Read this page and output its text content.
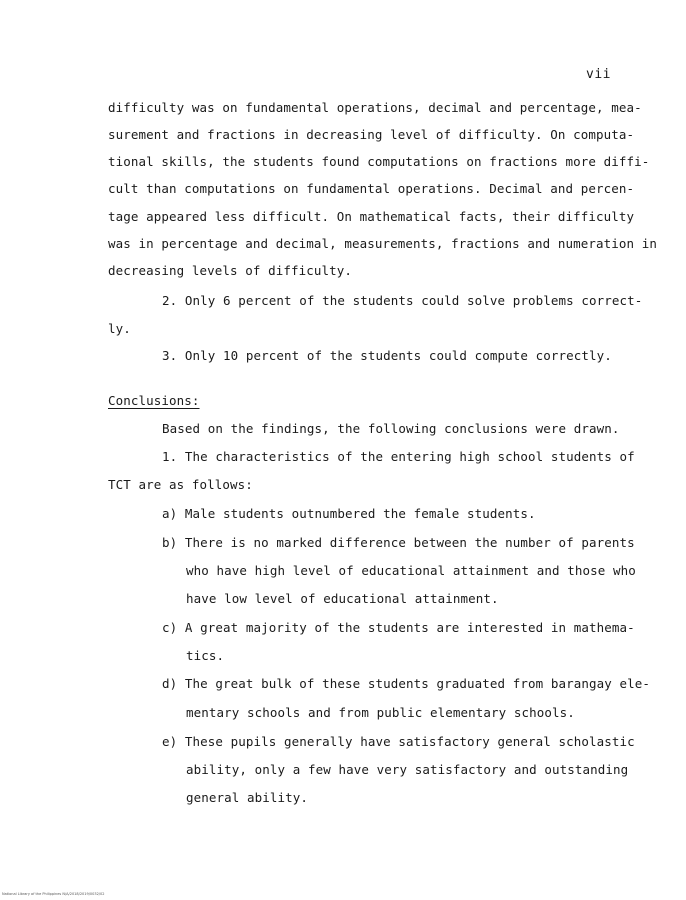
vii
difficulty was on fundamental operations, decimal and percentage, mea-
surement and fractions in decreasing level of difficulty. On computa-
tional skills, the students found computations on fractions more diffi-
cult than computations on fundamental operations. Decimal and percen-
tage appeared less difficult. On mathematical facts, their difficulty
was in percentage and decimal, measurements, fractions and numeration in
decreasing levels of difficulty.
2. Only 6 percent of the students could solve problems correct-
ly.
3. Only 10 percent of the students could compute correctly.
Conclusions:
Based on the findings, the following conclusions were drawn.
1. The characteristics of the entering high school students of
TCT are as follows:
a) Male students outnumbered the female students.
b) There is no marked difference between the number of parents
who have high level of educational attainment and those who
have low level of educational attainment.
c) A great majority of the students are interested in mathema-
tics.
d) The great bulk of these students graduated from barangay ele-
mentary schools and from public elementary schools.
e) These pupils generally have satisfactory general scholastic
ability, only a few have very satisfactory and outstanding
general ability.
National Library of the Philippines N/A/2018/2019/0032/02
